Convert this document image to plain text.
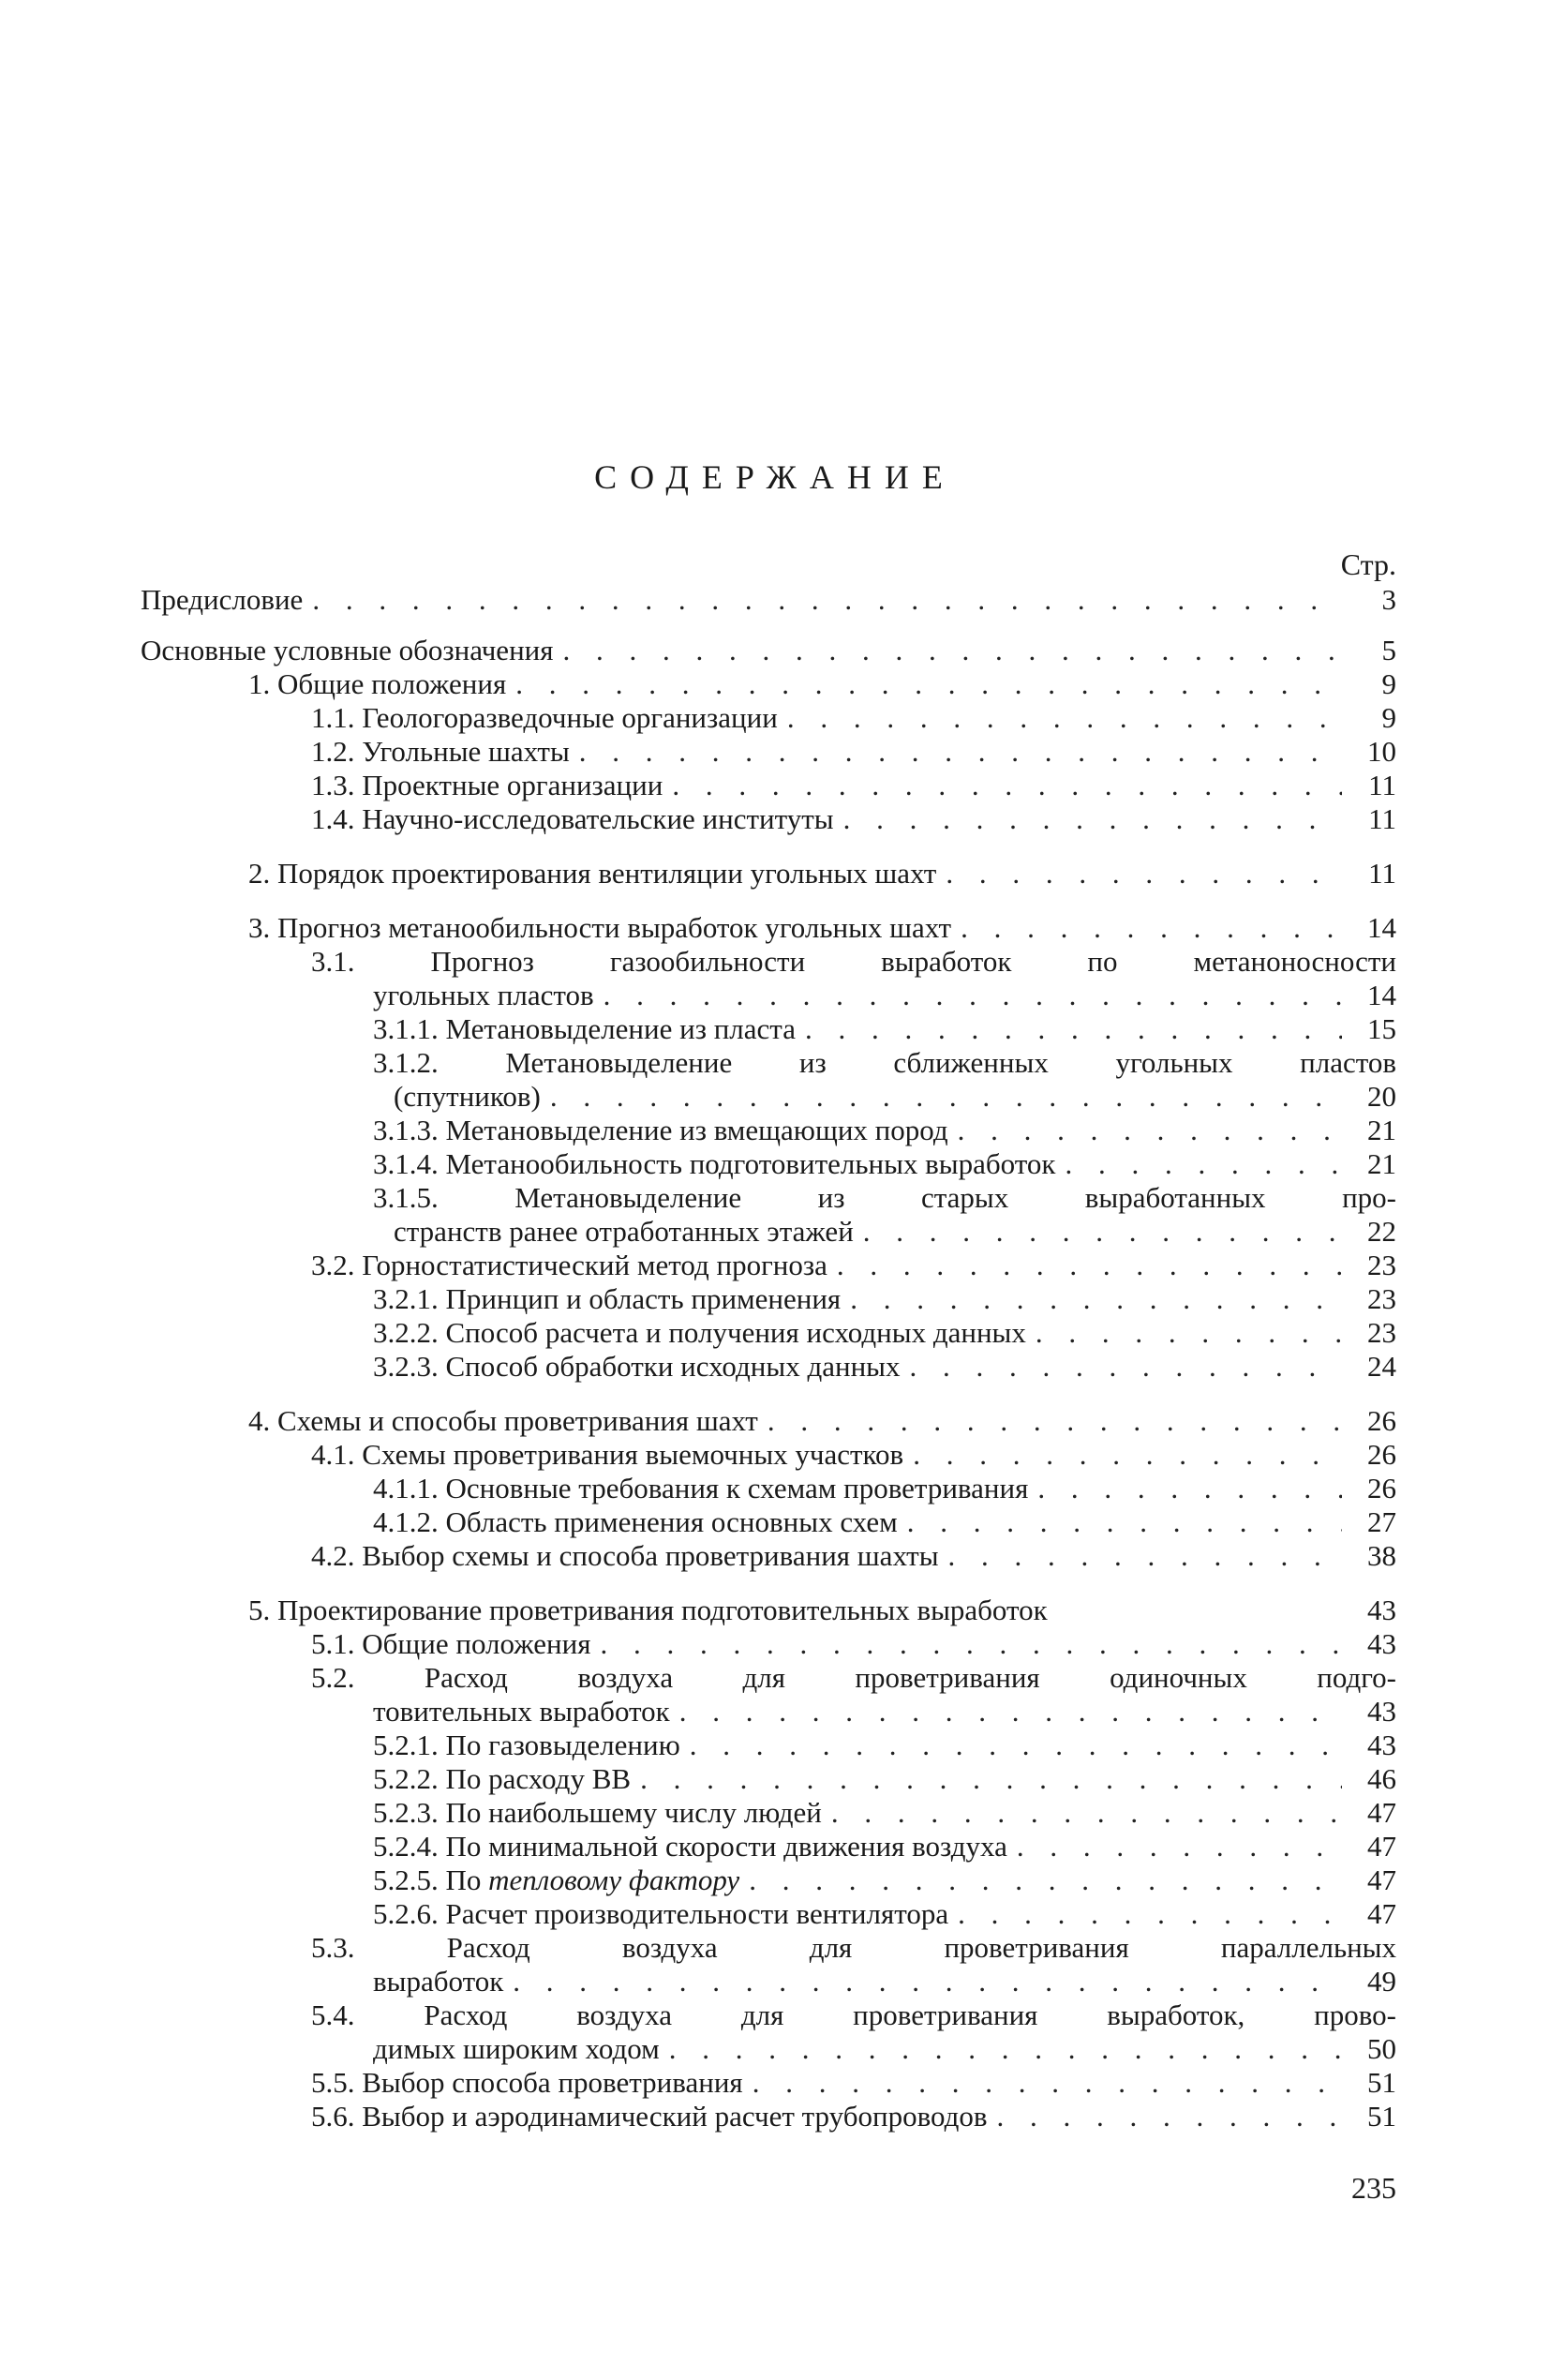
СОДЕРЖАНИЕ
Стр.
Предисловие . . .	3
Основные условные обозначения . . .	5
1. Общие положения . . .	9
1.1. Геологоразведочные организации . . .	9
1.2. Угольные шахты . . .	10
1.3. Проектные организации . . .	11
1.4. Научно-исследовательские институты . . .	11
2. Порядок проектирования вентиляции угольных шахт . . .	11
3. Прогноз метанообильности выработок угольных шахт . . .	14
3.1. Прогноз газообильности выработок по метаноносности
угольных пластов . . .	14
3.1.1. Метановыделение из пласта . . .	15
3.1.2. Метановыделение из сближенных угольных пластов
(спутников) . . .	20
3.1.3. Метановыделение из вмещающих пород . . .	21
3.1.4. Метанообильность подготовительных выработок . . .	21
3.1.5. Метановыделение из старых выработанных про-
странств ранее отработанных этажей . . .	22
3.2. Горностатистический метод прогноза . . .	23
3.2.1. Принцип и область применения . . .	23
3.2.2. Способ расчета и получения исходных данных . . .	23
3.2.3. Способ обработки исходных данных . . .	24
4. Схемы и способы проветривания шахт . . .	26
4.1. Схемы проветривания выемочных участков . . .	26
4.1.1. Основные требования к схемам проветривания . . .	26
4.1.2. Область применения основных схем . . .	27
4.2. Выбор схемы и способа проветривания шахты . . .	38
5. Проектирование проветривания подготовительных выработок	43
5.1. Общие положения . . .	43
5.2. Расход воздуха для проветривания одиночных подго-
товительных выработок . . .	43
5.2.1. По газовыделению . . .	43
5.2.2. По расходу ВВ . . .	46
5.2.3. По наибольшему числу людей . . .	47
5.2.4. По минимальной скорости движения воздуха . . .	47
5.2.5. По тепловому фактору . . .	47
5.2.6. Расчет производительности вентилятора . . .	47
5.3. Расход воздуха для проветривания параллельных
выработок . . .	49
5.4. Расход воздуха для проветривания выработок, прово-
димых широким ходом . . .	50
5.5. Выбор способа проветривания . . .	51
5.6. Выбор и аэродинамический расчет трубопроводов . . .	51
235
